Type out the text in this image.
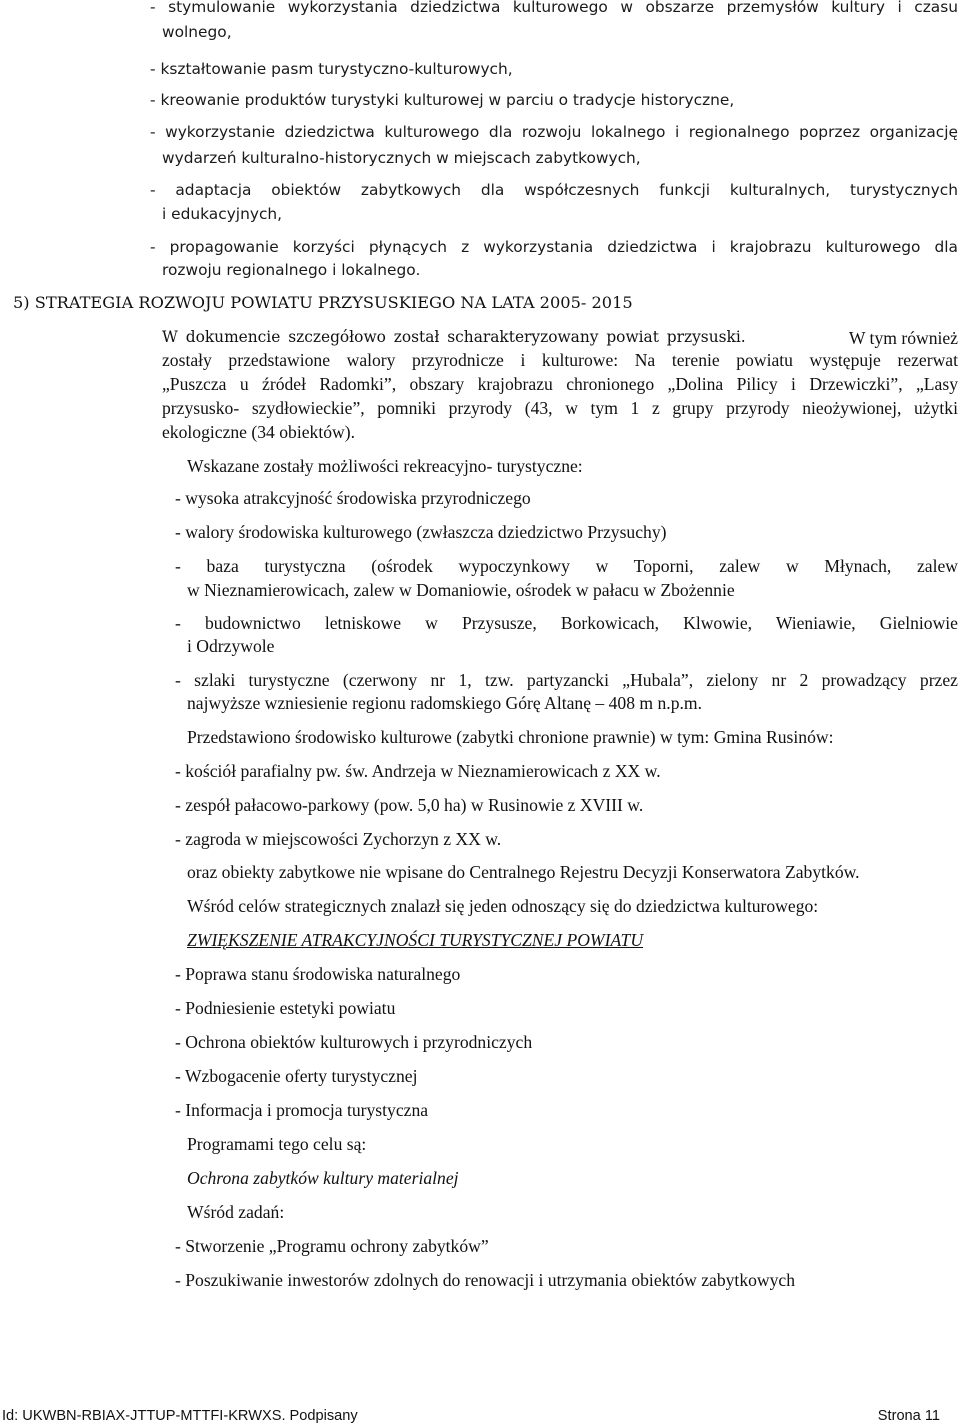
- stymulowanie wykorzystania dziedzictwa kulturowego w obszarze przemysłów kultury i czasu
wolnego,
- kształtowanie pasm turystyczno-kulturowych,
- kreowanie produktów turystyki kulturowej w parciu o tradycje historyczne,
- wykorzystanie dziedzictwa kulturowego dla rozwoju lokalnego i regionalnego poprzez organizację
wydarzeń kulturalno-historycznych w miejscach zabytkowych,
- adaptacja obiektów zabytkowych dla współczesnych funkcji kulturalnych, turystycznych
i edukacyjnych,
- propagowanie korzyści płynących z wykorzystania dziedzictwa i krajobrazu kulturowego dla
rozwoju regionalnego i lokalnego.
5) STRATEGIA ROZWOJU POWIATU PRZYSUSKIEGO NA LATA 2005- 2015
W dokumencie szczegółowo został scharakteryzowany powiat przysuski.	W tym również
zostały przedstawione walory przyrodnicze i kulturowe: Na terenie powiatu występuje rezerwat
„Puszcza u źródeł Radomki”, obszary krajobrazu chronionego „Dolina Pilicy i Drzewiczki”, „Lasy
przysusko- szydłowieckie”, pomniki przyrody (43, w tym 1 z grupy przyrody nieożywionej, użytki
ekologiczne (34 obiektów).
Wskazane zostały możliwości rekreacyjno- turystyczne:
- wysoka atrakcyjność środowiska przyrodniczego
- walory środowiska kulturowego (zwłaszcza dziedzictwo Przysuchy)
- baza turystyczna (ośrodek wypoczynkowy w Toporni, zalew w Młynach, zalew
w Nieznamierowicach, zalew w Domaniowie, ośrodek w pałacu w Zbożennie
- budownictwo letniskowe w Przysusze, Borkowicach, Klwowie, Wieniawie, Gielniowie
i Odrzywole
- szlaki turystyczne (czerwony nr 1, tzw. partyzancki „Hubala”, zielony nr 2 prowadzący przez
najwyższe wzniesienie regionu radomskiego Górę Altanę – 408 m n.p.m.
Przedstawiono środowisko kulturowe (zabytki chronione prawnie) w tym: Gmina Rusinów:
- kościół parafialny pw. św. Andrzeja w Nieznamierowicach z XX w.
- zespół pałacowo-parkowy (pow. 5,0 ha) w Rusinowie z XVIII w.
- zagroda w miejscowości Zychorzyn z XX w.
oraz obiekty zabytkowe nie wpisane do Centralnego Rejestru Decyzji Konserwatora Zabytków.
Wśród celów strategicznych znalazł się jeden odnoszący się do dziedzictwa kulturowego:
ZWIĘKSZENIE ATRAKCYJNOŚCI TURYSTYCZNEJ POWIATU
- Poprawa stanu środowiska naturalnego
- Podniesienie estetyki powiatu
- Ochrona obiektów kulturowych i przyrodniczych
- Wzbogacenie oferty turystycznej
- Informacja i promocja turystyczna
Programami tego celu są:
Ochrona zabytków kultury materialnej
Wśród zadań:
- Stworzenie „Programu ochrony zabytków”
- Poszukiwanie inwestorów zdolnych do renowacji i utrzymania obiektów zabytkowych
Id: UKWBN-RBIAX-JTTUP-MTTFI-KRWXS. Podpisany	Strona 11
